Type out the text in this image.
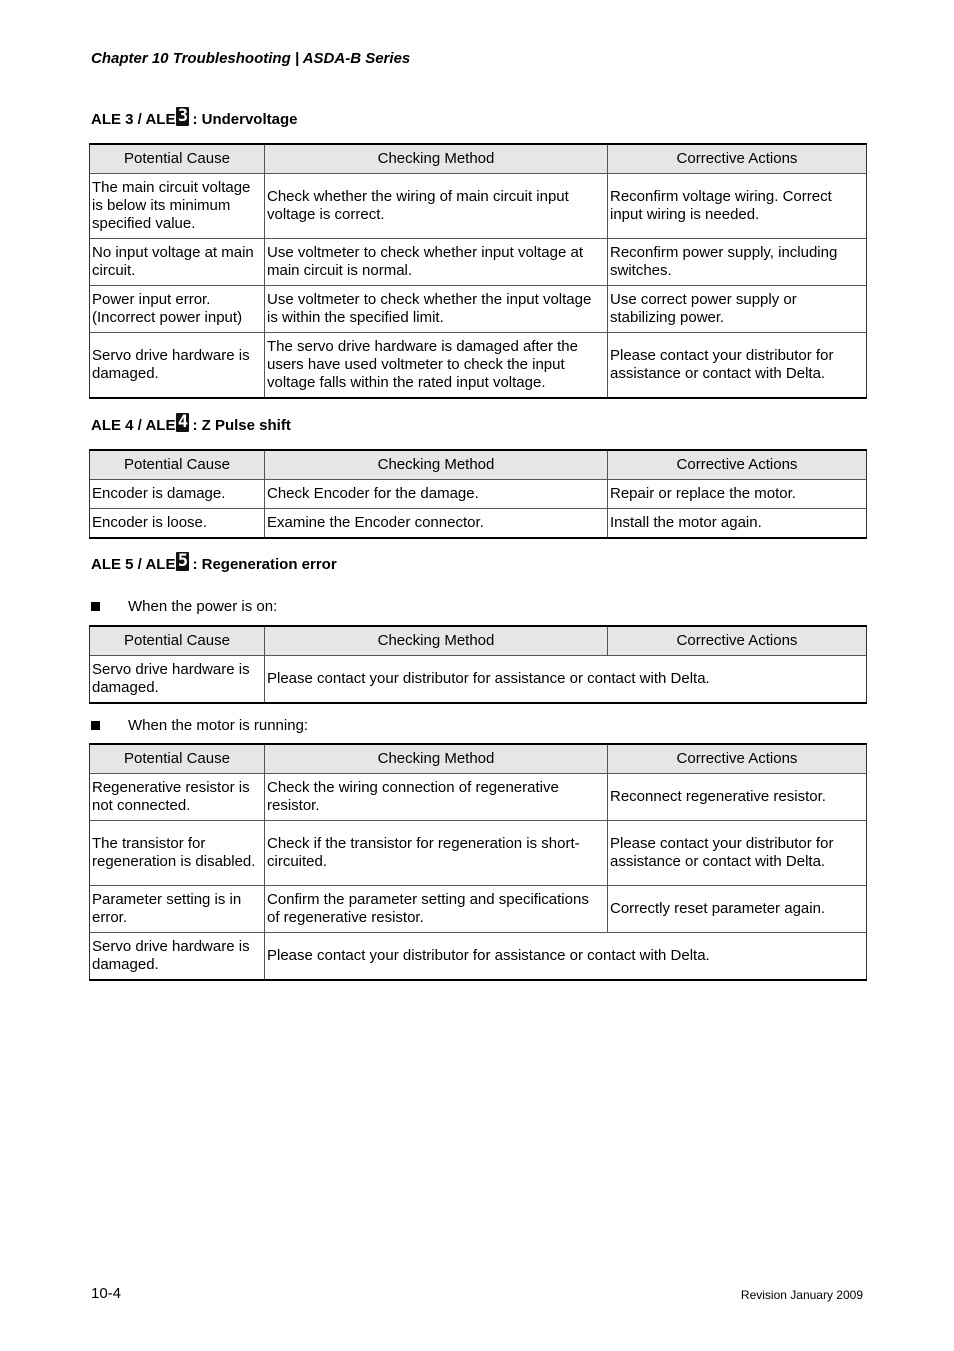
Chapter 10 Troubleshooting | ASDA-B Series
ALE 3 / ALE 3 : Undervoltage
Potential Cause	Checking Method	Corrective Actions
The main circuit voltage is below its minimum specified value.	Check whether the wiring of main circuit input voltage is correct.	Reconfirm voltage wiring. Correct input wiring is needed.
No input voltage at main circuit.	Use voltmeter to check whether input voltage at main circuit is normal.	Reconfirm power supply, including switches.
Power input error. (Incorrect power input)	Use voltmeter to check whether the input voltage is within the specified limit.	Use correct power supply or stabilizing power.
Servo drive hardware is damaged.	The servo drive hardware is damaged after the users have used voltmeter to check the input voltage falls within the rated input voltage.	Please contact your distributor for assistance or contact with Delta.
ALE 4 / ALE 4 : Z Pulse shift
Potential Cause	Checking Method	Corrective Actions
Encoder is damage.	Check Encoder for the damage.	Repair or replace the motor.
Encoder is loose.	Examine the Encoder connector.	Install the motor again.
ALE 5 / ALE 5 : Regeneration error
When the power is on:
Potential Cause	Checking Method	Corrective Actions
Servo drive hardware is damaged.	Please contact your distributor for assistance or contact with Delta.	
When the motor is running:
Potential Cause	Checking Method	Corrective Actions
Regenerative resistor is not connected.	Check the wiring connection of regenerative resistor.	Reconnect regenerative resistor.
The transistor for regeneration is disabled.	Check if the transistor for regeneration is short-circuited.	Please contact your distributor for assistance or contact with Delta.
Parameter setting is in error.	Confirm the parameter setting and specifications of regenerative resistor.	Correctly reset parameter again.
Servo drive hardware is damaged.	Please contact your distributor for assistance or contact with Delta.	
10-4	Revision January 2009
